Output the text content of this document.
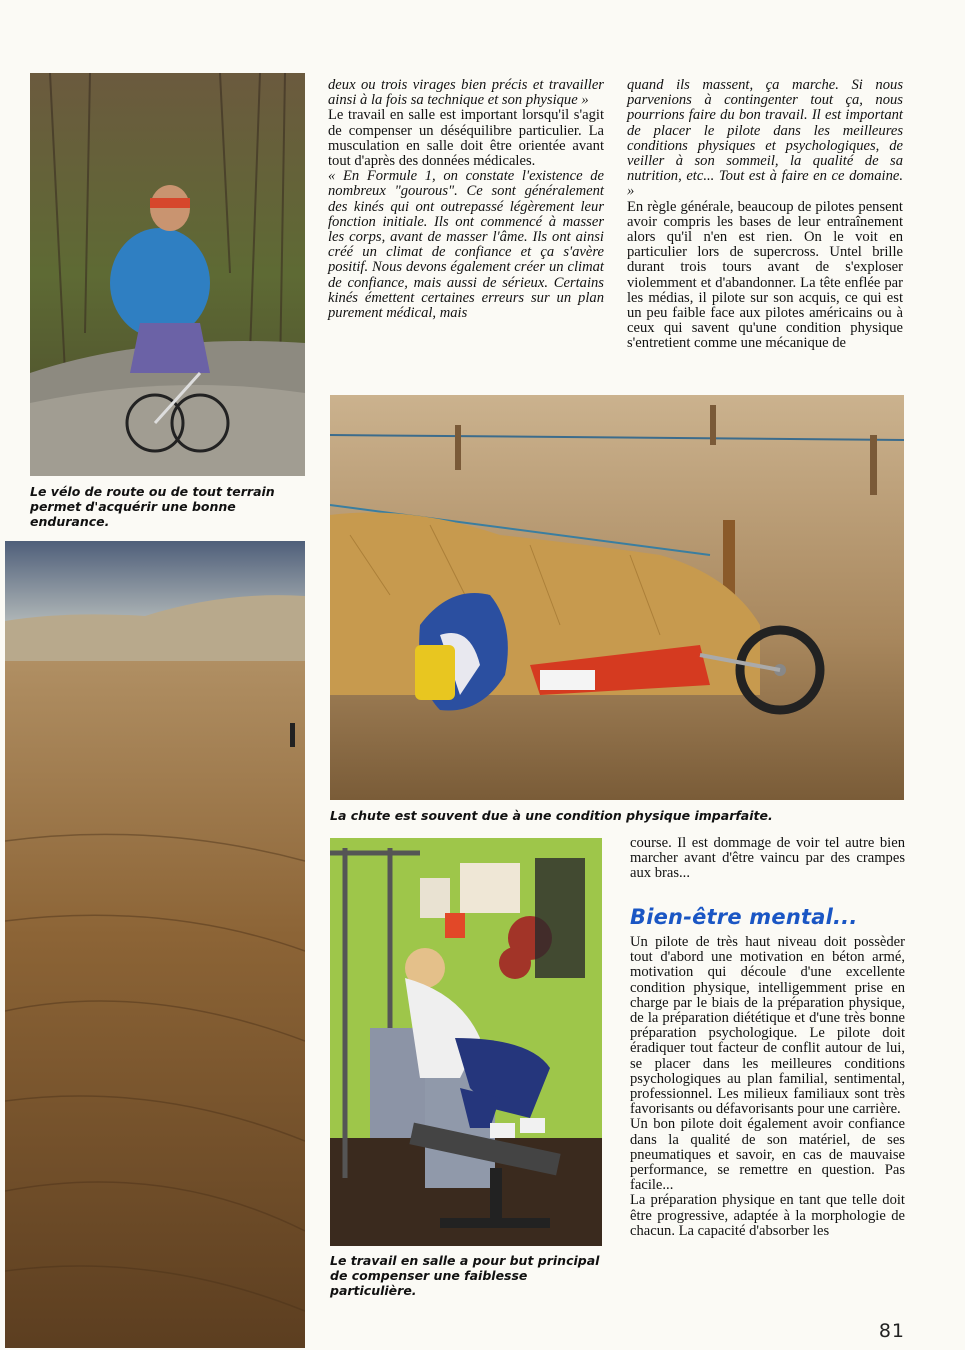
Le vélo de route ou de tout terrain permet d'acquérir une bonne endurance.
La chute est souvent due à une condition physique imparfaite.
Le travail en salle a pour but principal de compenser une faiblesse particulière.

deux ou trois virages bien précis et travailler ainsi à la fois sa technique et son physique »

Le travail en salle est important lorsqu'il s'agit de compenser un déséquilibre particulier. La musculation en salle doit être orientée avant tout d'après des données médicales.

« En Formule 1, on constate l'existence de nombreux "gourous". Ce sont généralement des kinés qui ont outrepassé légèrement leur fonction initiale. Ils ont commencé à masser les corps, avant de masser l'âme. Ils ont ainsi créé un climat de confiance et ça s'avère positif. Nous devons également créer un climat de confiance, mais aussi de sérieux. Certains kinés émettent certaines erreurs sur un plan purement médical, mais

quand ils massent, ça marche. Si nous parvenions à contingenter tout ça, nous pourrions faire du bon travail. Il est important de placer le pilote dans les meilleures conditions physiques et psychologiques, de veiller à son sommeil, la qualité de sa nutrition, etc... Tout est à faire en ce domaine. »

En règle générale, beaucoup de pilotes pensent avoir compris les bases de leur entraînement alors qu'il n'en est rien. On le voit en particulier lors de supercross. Untel brille durant trois tours avant de s'exploser violemment et d'abandonner. La tête enflée par les médias, il pilote sur son acquis, ce qui est un peu faible face aux pilotes américains ou à ceux qui savent qu'une condition physique s'entretient comme une mécanique de

course. Il est dommage de voir tel autre bien marcher avant d'être vaincu par des crampes aux bras...

Bien-être mental...

Un pilote de très haut niveau doit possèder tout d'abord une motivation en béton armé, motivation qui découle d'une excellente condition physique, intelligemment prise en charge par le biais de la préparation physique, de la préparation diététique et d'une très bonne préparation psychologique. Le pilote doit éradiquer tout facteur de conflit autour de lui, se placer dans les meilleures conditions psychologiques au plan familial, sentimental, professionnel. Les milieux familiaux sont très favorisants ou défavorisants pour une carrière.

Un bon pilote doit également avoir confiance dans la qualité de son matériel, de ses pneumatiques et savoir, en cas de mauvaise performance, se remettre en question. Pas facile...

La préparation physique en tant que telle doit être progressive, adaptée à la morphologie de chacun. La capacité d'absorber les

81
